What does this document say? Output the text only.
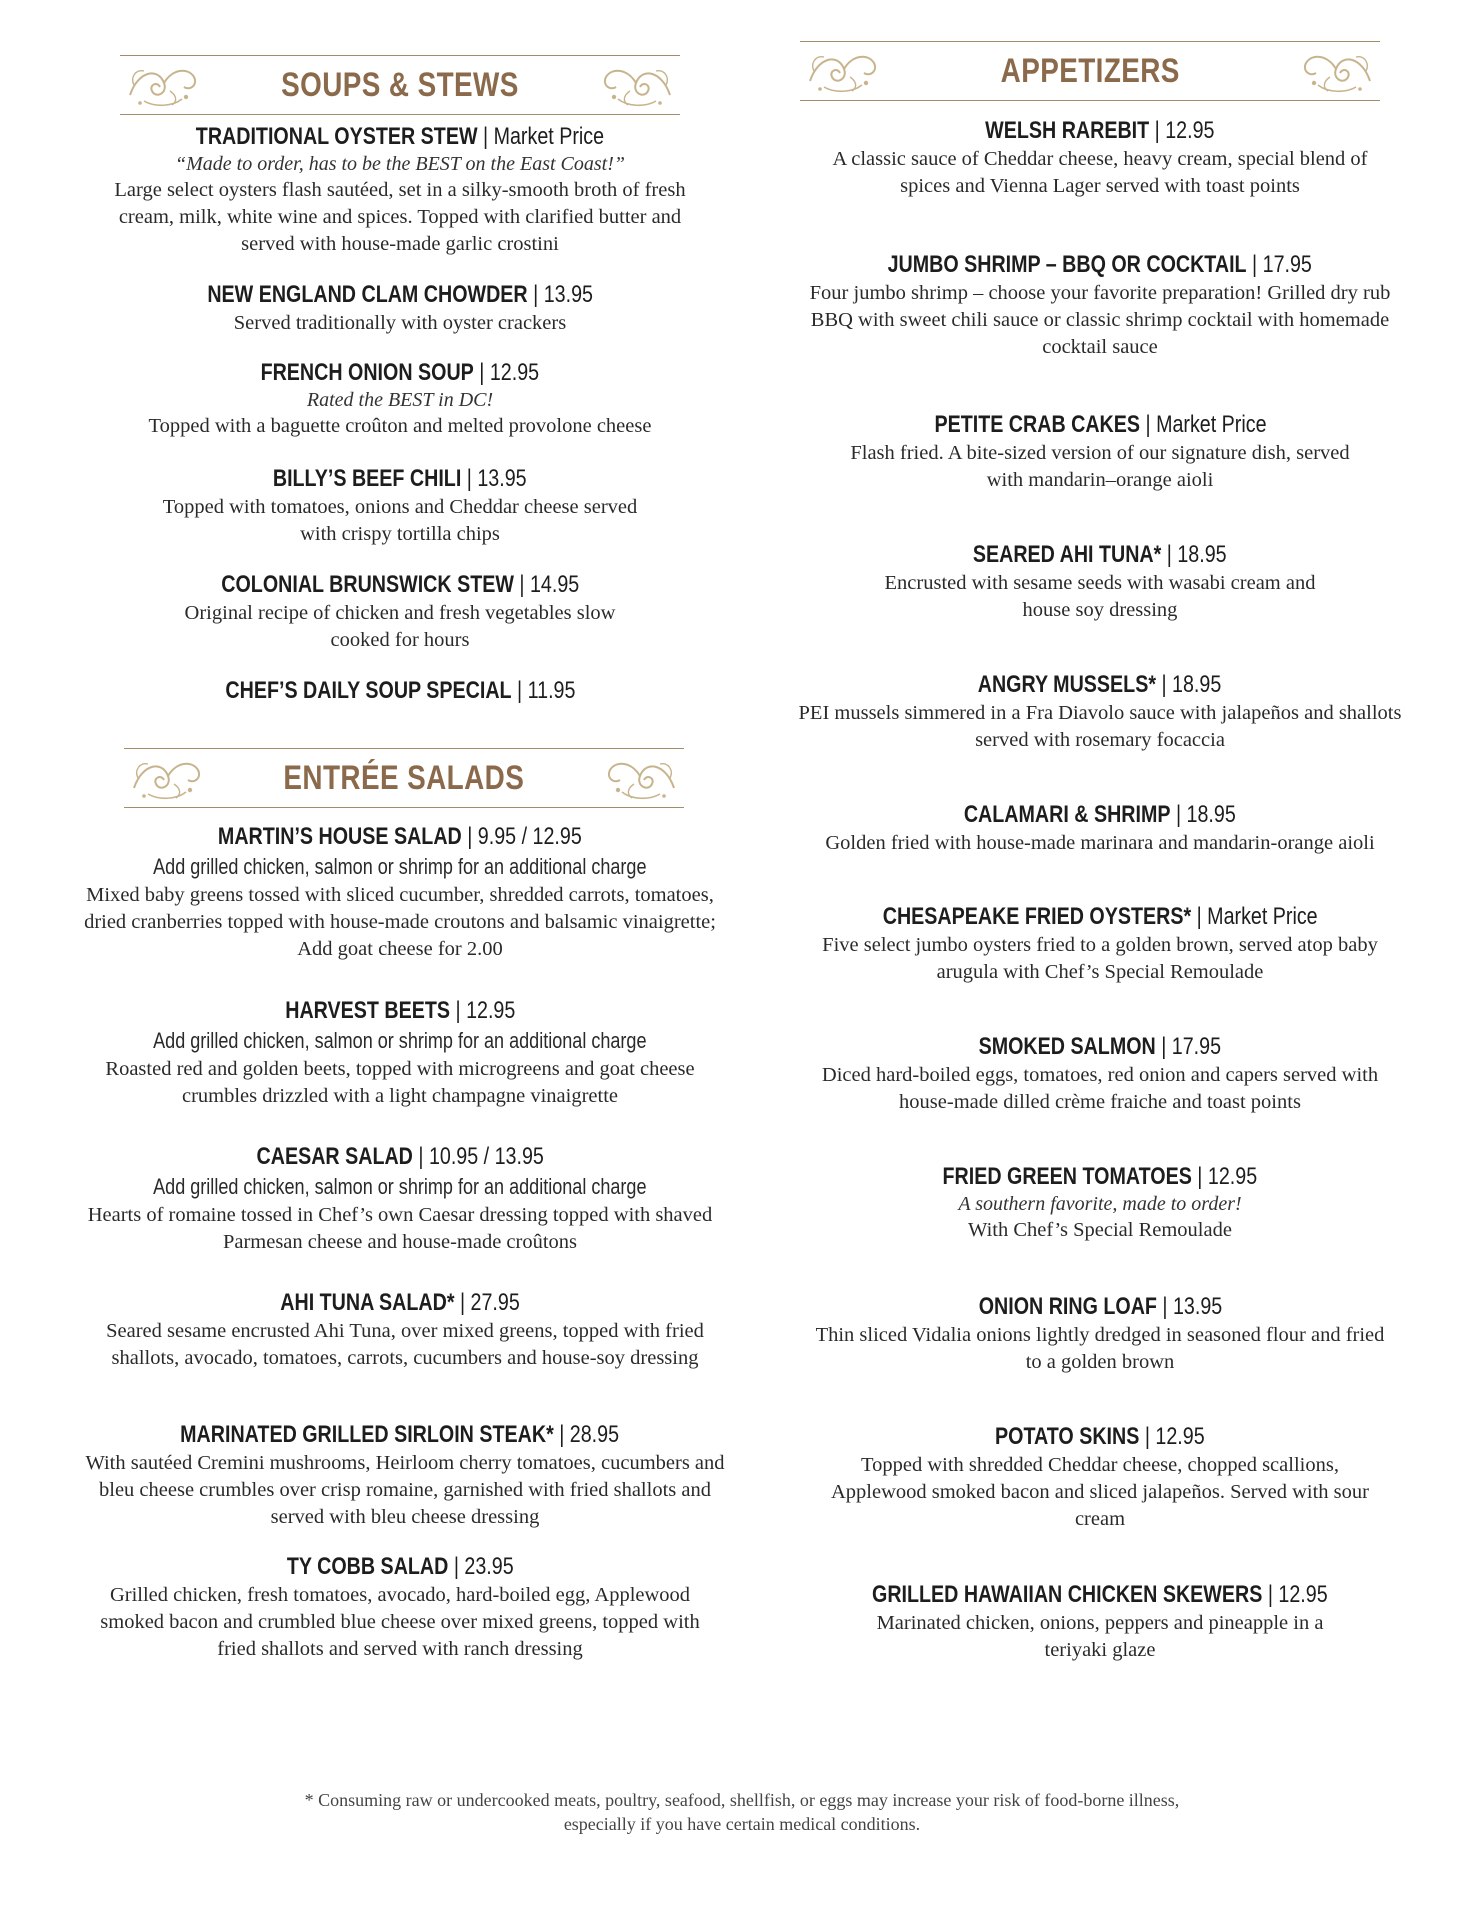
SOUPS & STEWS
TRADITIONAL OYSTER STEW | Market Price
“Made to order, has to be the BEST on the East Coast!”
Large select oysters flash sautéed, set in a silky-smooth broth of fresh cream, milk, white wine and spices. Topped with clarified butter and served with house-made garlic crostini
NEW ENGLAND CLAM CHOWDER | 13.95
Served traditionally with oyster crackers
FRENCH ONION SOUP | 12.95
Rated the BEST in DC!
Topped with a baguette croûton and melted provolone cheese
BILLY’S BEEF CHILI | 13.95
Topped with tomatoes, onions and Cheddar cheese served with crispy tortilla chips
COLONIAL BRUNSWICK STEW | 14.95
Original recipe of chicken and fresh vegetables slow cooked for hours
CHEF’S DAILY SOUP SPECIAL | 11.95
ENTRÉE SALADS
MARTIN’S HOUSE SALAD | 9.95 / 12.95
Add grilled chicken, salmon or shrimp for an additional charge
Mixed baby greens tossed with sliced cucumber, shredded carrots, tomatoes, dried cranberries topped with house-made croutons and balsamic vinaigrette; Add goat cheese for 2.00
HARVEST BEETS | 12.95
Add grilled chicken, salmon or shrimp for an additional charge
Roasted red and golden beets, topped with microgreens and goat cheese crumbles drizzled with a light champagne vinaigrette
CAESAR SALAD | 10.95 / 13.95
Add grilled chicken, salmon or shrimp for an additional charge
Hearts of romaine tossed in Chef’s own Caesar dressing topped with shaved Parmesan cheese and house-made croûtons
AHI TUNA SALAD* | 27.95
Seared sesame encrusted Ahi Tuna, over mixed greens, topped with fried shallots, avocado, tomatoes, carrots, cucumbers and house-soy dressing
MARINATED GRILLED SIRLOIN STEAK* | 28.95
With sautéed Cremini mushrooms, Heirloom cherry tomatoes, cucumbers and bleu cheese crumbles over crisp romaine, garnished with fried shallots and served with bleu cheese dressing
TY COBB SALAD | 23.95
Grilled chicken, fresh tomatoes, avocado, hard-boiled egg, Applewood smoked bacon and crumbled blue cheese over mixed greens, topped with fried shallots and served with ranch dressing
APPETIZERS
WELSH RAREBIT | 12.95
A classic sauce of Cheddar cheese, heavy cream, special blend of spices and Vienna Lager served with toast points
JUMBO SHRIMP – BBQ OR COCKTAIL | 17.95
Four jumbo shrimp – choose your favorite preparation! Grilled dry rub BBQ with sweet chili sauce or classic shrimp cocktail with homemade cocktail sauce
PETITE CRAB CAKES | Market Price
Flash fried. A bite-sized version of our signature dish, served with mandarin–orange aioli
SEARED AHI TUNA* | 18.95
Encrusted with sesame seeds with wasabi cream and house soy dressing
ANGRY MUSSELS* | 18.95
PEI mussels simmered in a Fra Diavolo sauce with jalapeños and shallots served with rosemary focaccia
CALAMARI & SHRIMP | 18.95
Golden fried with house-made marinara and mandarin-orange aioli
CHESAPEAKE FRIED OYSTERS* | Market Price
Five select jumbo oysters fried to a golden brown, served atop baby arugula with Chef’s Special Remoulade
SMOKED SALMON | 17.95
Diced hard-boiled eggs, tomatoes, red onion and capers served with house-made dilled crème fraiche and toast points
FRIED GREEN TOMATOES | 12.95
A southern favorite, made to order!
With Chef’s Special Remoulade
ONION RING LOAF | 13.95
Thin sliced Vidalia onions lightly dredged in seasoned flour and fried to a golden brown
POTATO SKINS | 12.95
Topped with shredded Cheddar cheese, chopped scallions, Applewood smoked bacon and sliced jalapeños. Served with sour cream
GRILLED HAWAIIAN CHICKEN SKEWERS | 12.95
Marinated chicken, onions, peppers and pineapple in a teriyaki glaze
* Consuming raw or undercooked meats, poultry, seafood, shellfish, or eggs may increase your risk of food-borne illness, especially if you have certain medical conditions.
